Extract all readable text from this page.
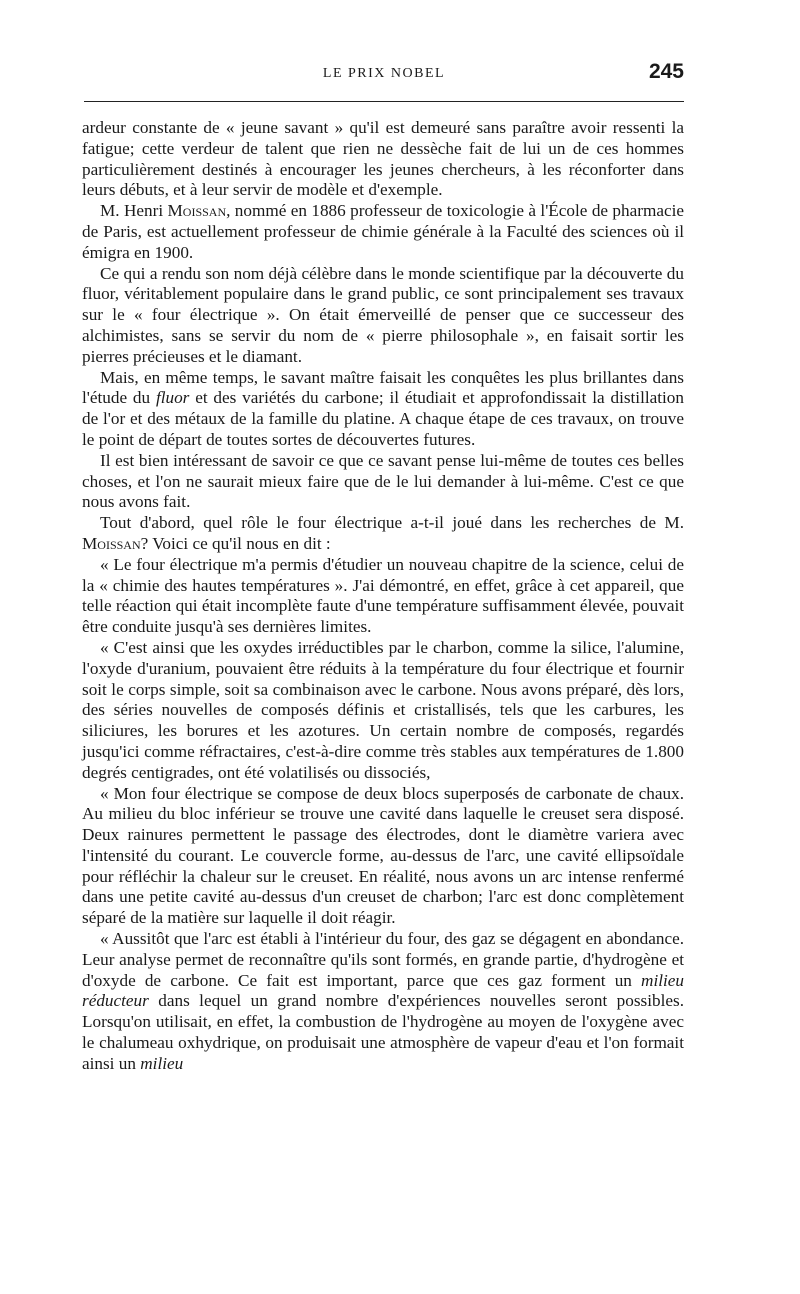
LE PRIX NOBEL	245

ardeur constante de « jeune savant » qu'il est demeuré sans paraître avoir ressenti la fatigue; cette verdeur de talent que rien ne dessèche fait de lui un de ces hommes particulièrement destinés à encourager les jeunes chercheurs, à les réconforter dans leurs débuts, et à leur servir de modèle et d'exemple.

M. Henri Moissan, nommé en 1886 professeur de toxicologie à l'École de pharmacie de Paris, est actuellement professeur de chimie générale à la Faculté des sciences où il émigra en 1900.

Ce qui a rendu son nom déjà célèbre dans le monde scientifique par la découverte du fluor, véritablement populaire dans le grand public, ce sont principalement ses travaux sur le « four électrique ». On était émerveillé de penser que ce successeur des alchimistes, sans se servir du nom de « pierre philosophale », en faisait sortir les pierres précieuses et le diamant.

Mais, en même temps, le savant maître faisait les conquêtes les plus brillantes dans l'étude du fluor et des variétés du carbone; il étudiait et approfondissait la distillation de l'or et des métaux de la famille du platine. A chaque étape de ces travaux, on trouve le point de départ de toutes sortes de découvertes futures.

Il est bien intéressant de savoir ce que ce savant pense lui-même de toutes ces belles choses, et l'on ne saurait mieux faire que de le lui demander à lui-même. C'est ce que nous avons fait.

Tout d'abord, quel rôle le four électrique a-t-il joué dans les recherches de M. Moissan? Voici ce qu'il nous en dit :

« Le four électrique m'a permis d'étudier un nouveau chapitre de la science, celui de la « chimie des hautes températures ». J'ai démontré, en effet, grâce à cet appareil, que telle réaction qui était incomplète faute d'une température suffisamment élevée, pouvait être conduite jusqu'à ses dernières limites.

« C'est ainsi que les oxydes irréductibles par le charbon, comme la silice, l'alumine, l'oxyde d'uranium, pouvaient être réduits à la température du four électrique et fournir soit le corps simple, soit sa combinaison avec le carbone. Nous avons préparé, dès lors, des séries nouvelles de composés définis et cristallisés, tels que les carbures, les siliciures, les borures et les azotures. Un certain nombre de composés, regardés jusqu'ici comme réfractaires, c'est-à-dire comme très stables aux températures de 1.800 degrés centigrades, ont été volatilisés ou dissociés,

« Mon four électrique se compose de deux blocs superposés de carbonate de chaux. Au milieu du bloc inférieur se trouve une cavité dans laquelle le creuset sera disposé. Deux rainures permettent le passage des électrodes, dont le diamètre variera avec l'intensité du courant. Le couvercle forme, au-dessus de l'arc, une cavité ellipsoïdale pour réfléchir la chaleur sur le creuset. En réalité, nous avons un arc intense renfermé dans une petite cavité au-dessus d'un creuset de charbon; l'arc est donc complètement séparé de la matière sur laquelle il doit réagir.

« Aussitôt que l'arc est établi à l'intérieur du four, des gaz se dégagent en abondance. Leur analyse permet de reconnaître qu'ils sont formés, en grande partie, d'hydrogène et d'oxyde de carbone. Ce fait est important, parce que ces gaz forment un milieu réducteur dans lequel un grand nombre d'expériences nouvelles seront possibles. Lorsqu'on utilisait, en effet, la combustion de l'hydrogène au moyen de l'oxygène avec le chalumeau oxhydrique, on produisait une atmosphère de vapeur d'eau et l'on formait ainsi un milieu
